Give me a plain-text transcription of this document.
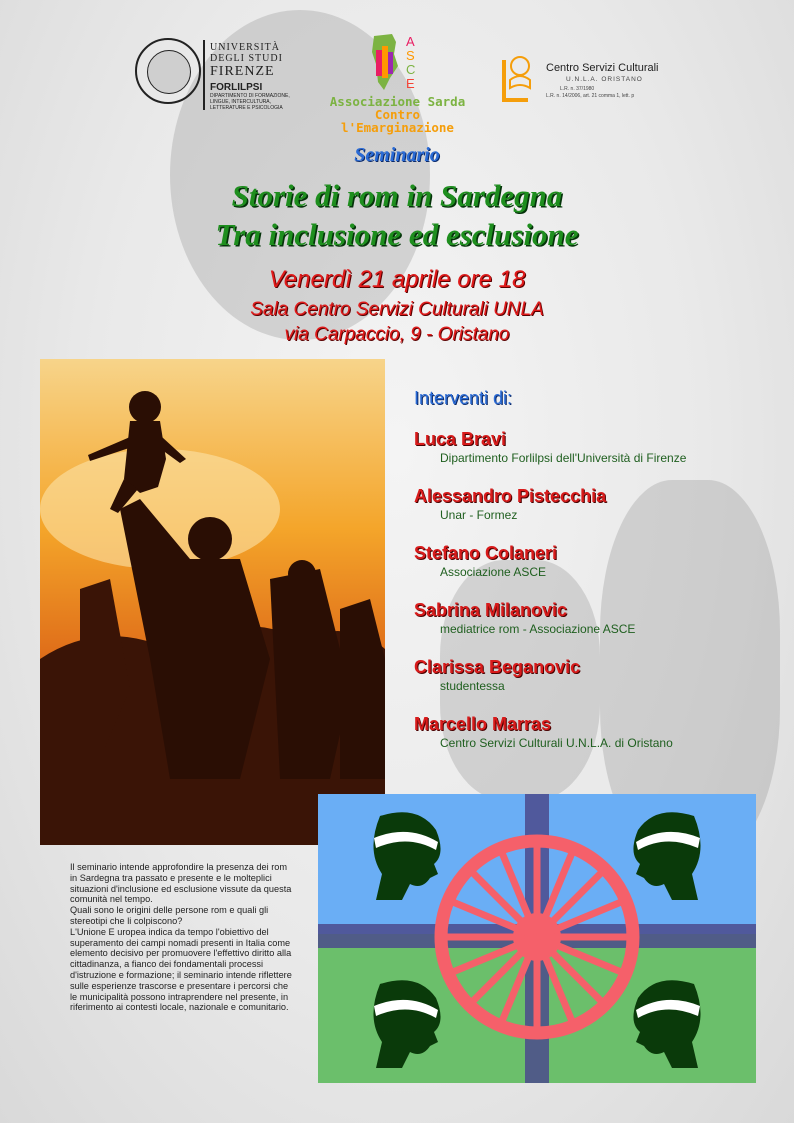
UNIVERSITÀ
DEGLI STUDI
FIRENZE
FORLILPSI
DIPARTIMENTO DI FORMAZIONE, LINGUE, INTERCULTURA, LETTERATURE E PSICOLOGIA
A
S
C
E
Associazione Sarda
Contro l'Emarginazione
Centro Servizi Culturali
U.N.L.A. ORISTANO
L.R. n. 37/1980
L.R. n. 14/2006, art. 21 comma 1, lett. p
Seminario
Storie di rom in Sardegna
Tra inclusione ed esclusione
Venerdì 21 aprile ore 18
Sala Centro Servizi Culturali UNLA
via Carpaccio, 9 - Oristano
Interventi di:
Luca Bravi
Dipartimento Forlilpsi dell'Università di Firenze
Alessandro Pistecchia
Unar - Formez
Stefano Colaneri
Associazione ASCE
Sabrina Milanovic
mediatrice rom - Associazione ASCE
Clarissa Beganovic
studentessa
Marcello Marras
Centro Servizi Culturali U.N.L.A. di Oristano
Il seminario intende approfondire la presenza dei rom in Sardegna tra passato e presente e le molteplici situazioni d'inclusione ed esclusione vissute da questa comunità nel tempo.
Quali sono le origini delle persone rom e quali gli stereotipi che li colpiscono?
L'Unione E uropea indica da tempo l'obiettivo del superamento dei campi nomadi presenti in Italia come elemento decisivo per promuovere l'effettivo diritto alla cittadinanza, a fianco dei fondamentali processi d'istruzione e formazione; il seminario intende riflettere sulle esperienze trascorse e presentare i percorsi che le municipalità possono intraprendere nel presente, in riferimento ai contesti locale, nazionale e comunitario.
